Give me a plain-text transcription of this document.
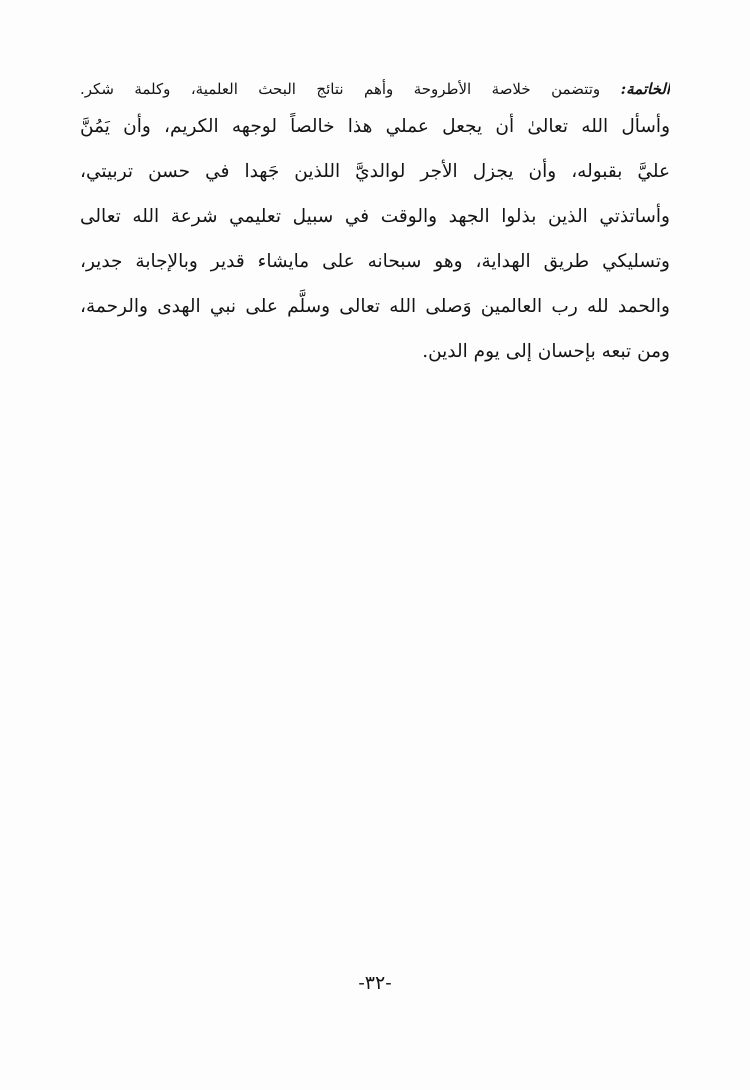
الخاتمة: وتتضمن خلاصة الأطروحة وأهم نتائج البحث العلمية، وكلمة شكر.
وأسأل الله تعالىٰ أن يجعل عملي هذا خالصاً لوجهه الكريم، وأن يَمُنَّ
عليَّ بقبوله، وأن يجزل الأجر لوالديَّ اللذين جَهدا في حسن تربيتي،
وأساتذتي الذين بذلوا الجهد والوقت في سبيل تعليمي شرعة الله تعالى
وتسليكي طريق الهداية، وهو سبحانه على مايشاء قدير وبالإجابة جدير،
والحمد لله رب العالمين وَصلى الله تعالى وسلَّم على نبي الهدى والرحمة،
ومن تبعه بإحسان إلى يوم الدين.
-٣٢-
